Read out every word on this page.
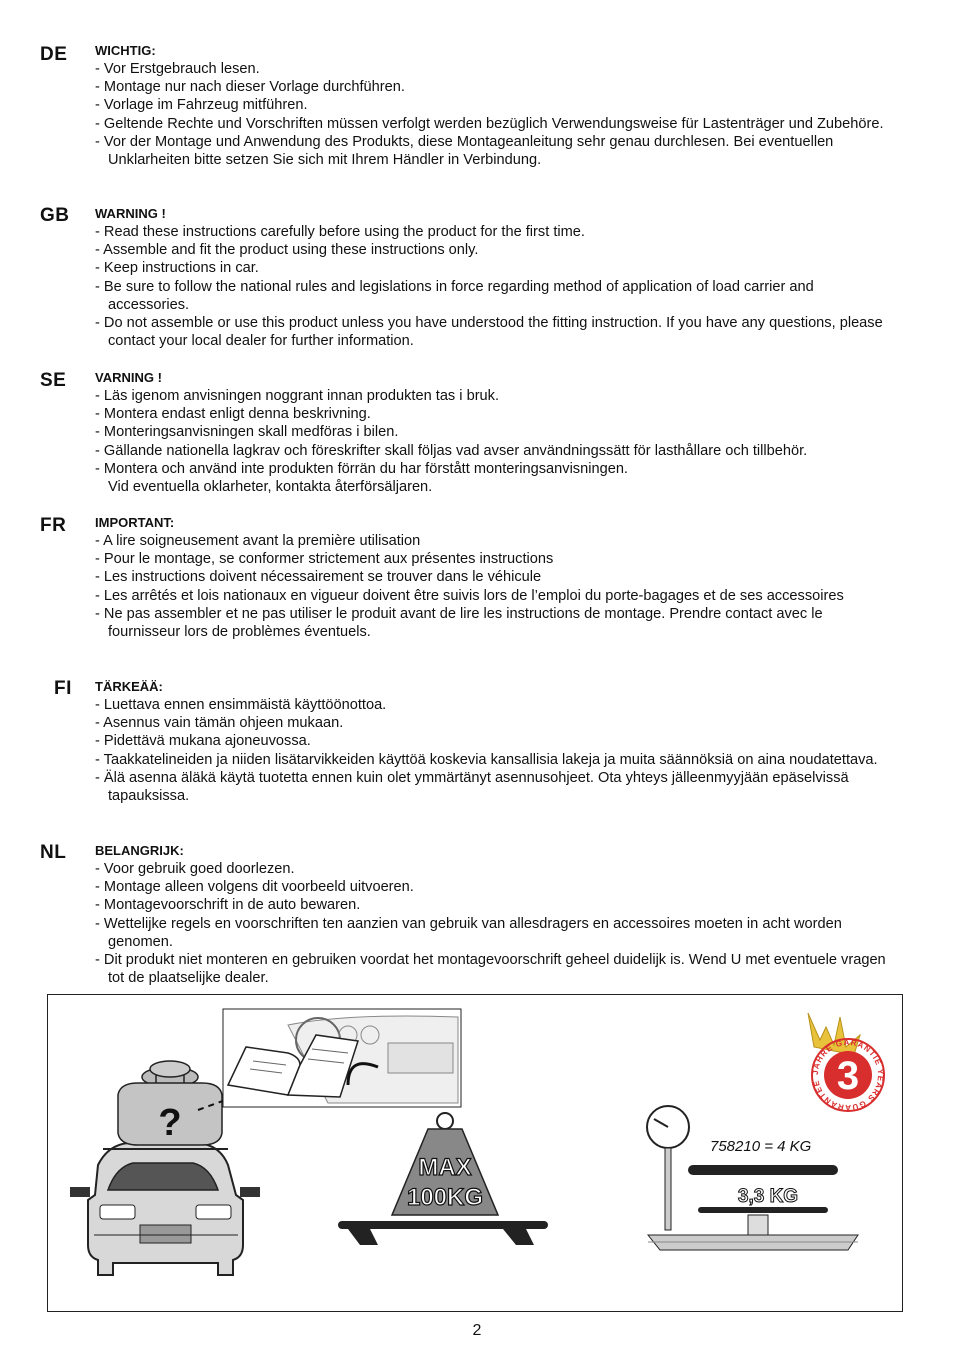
DE	WICHTIG:
- Vor Erstgebrauch lesen.
- Montage nur nach dieser Vorlage durchführen.
- Vorlage im Fahrzeug mitführen.
- Geltende Rechte und Vorschriften müssen verfolgt werden bezüglich Verwendungsweise für Lastenträger und Zubehöre.
- Vor der Montage und Anwendung des Produkts, diese Montageanleitung sehr genau durchlesen. Bei eventuellen Unklarheiten bitte setzen Sie sich mit Ihrem Händler in Verbindung.
GB	WARNING !
- Read these instructions carefully before using the product for the first time.
- Assemble and fit the product using these instructions only.
- Keep instructions in car.
- Be sure to follow the national rules and legislations in force regarding method of application of load carrier and accessories.
- Do not assemble or use this product unless you have understood the fitting instruction. If you have any questions, please contact your local dealer for further information.
SE	VARNING !
- Läs igenom anvisningen noggrant innan produkten tas i bruk.
- Montera endast enligt denna beskrivning.
- Monteringsanvisningen skall medföras i bilen.
- Gällande nationella lagkrav och föreskrifter skall följas vad avser användningssätt för lasthållare och tillbehör.
- Montera och använd inte produkten förrän du har förstått monteringsanvisningen.
Vid eventuella oklarheter, kontakta återförsäljaren.
FR	IMPORTANT:
- A lire soigneusement avant la première utilisation
- Pour le montage, se conformer strictement aux présentes instructions
- Les instructions doivent nécessairement se trouver dans le véhicule
- Les arrêtés et lois nationaux en vigueur doivent être suivis lors de l’emploi du porte-bagages et de ses accessoires
- Ne pas assembler et ne pas utiliser le produit avant de lire les instructions de montage. Prendre contact avec le fournisseur lors de problèmes éventuels.
FI	TÄRKEÄÄ:
- Luettava ennen ensimmäistä käyttöönottoa.
- Asennus vain tämän ohjeen mukaan.
- Pidettävä mukana ajoneuvossa.
- Taakkatelineiden ja niiden lisätarvikkeiden käyttöä koskevia kansallisia lakeja ja muita säännöksiä on aina noudatettava.
- Älä asenna äläkä käytä tuotetta ennen kuin olet ymmärtänyt asennusohjeet. Ota yhteys jälleenmyyjään epäselvissä tapauksissa.
NL	BELANGRIJK:
- Voor gebruik goed doorlezen.
- Montage alleen volgens dit voorbeeld uitvoeren.
- Montagevoorschrift in de auto bewaren.
- Wettelijke regels en voorschriften ten aanzien van gebruik van allesdragers en accessoires moeten in acht worden genomen.
- Dit produkt niet monteren en gebruiken voordat het montagevoorschrift geheel duidelijk is. Wend U met eventuele vragen tot de plaatselijke dealer.
?
MAX
100KG
758210 = 4 KG
3,3 KG
3
JAHRE GARANTIE YEARS GUARANTEE
2
